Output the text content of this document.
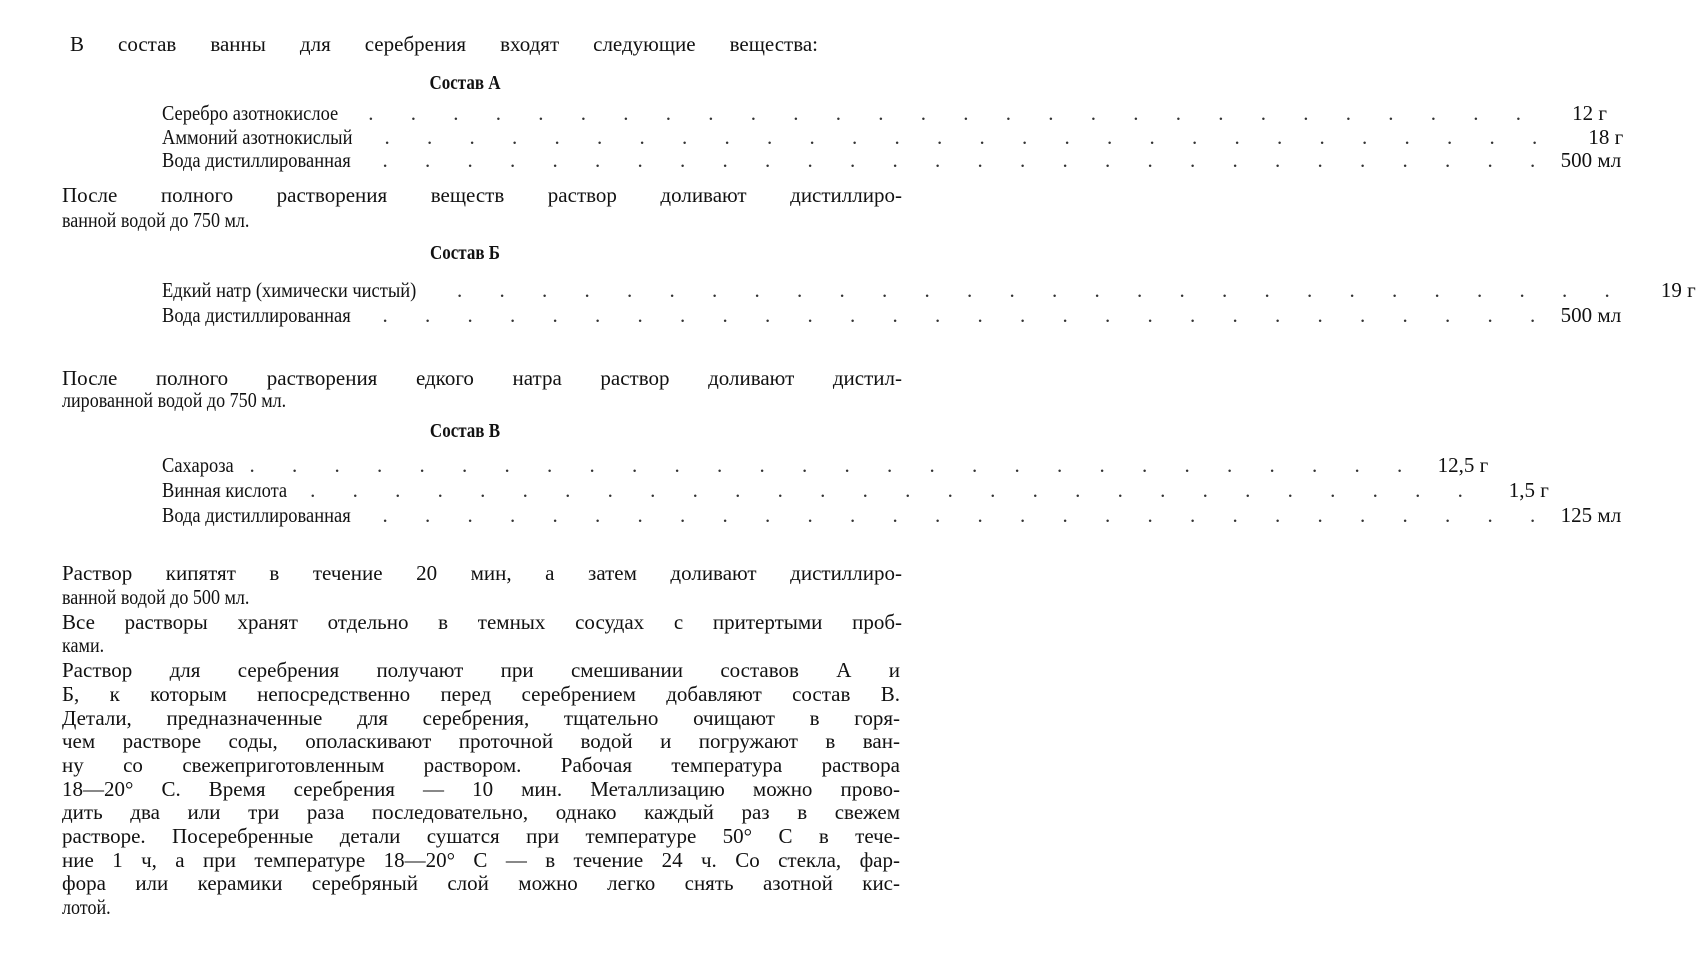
В состав ванны для серебрения входят следующие вещества:
Состав А
Серебро азотнокислое . . . . . . . . . . . . . . . . . . . . . . . . . . . .	12 г
Аммоний азотнокислый . . . . . . . . . . . . . . . . . . . . . . . . . . . .	18 г
Вода дистиллированная . . . . . . . . . . . . . . . . . . . . . . . . . . . . 500 мл
После полного растворения веществ раствор доливают дистиллиро-
ванной водой до 750 мл.
Состав Б
Едкий натр (химически чистый) . . . . . . . . . . . . . . . . . . . . . . . . . . . .	19 г
Вода дистиллированная . . . . . . . . . . . . . . . . . . . . . . . . . . . . 500 мл
После полного растворения едкого натра раствор доливают дистил-
лированной водой до 750 мл.
Состав В
Сахароза . . . . . . . . . . . . . . . . . . . . . . . . . . . . 12,5 г
Винная кислота . . . . . . . . . . . . . . . . . . . . . . . . . . . .	1,5 г
Вода дистиллированная . . . . . . . . . . . . . . . . . . . . . . . . . . . . 125 мл
Раствор кипятят в течение 20 мин, а затем доливают дистиллиро-
ванной водой до 500 мл.
Все растворы хранят отдельно в темных сосудах с притертыми проб-
ками.
Раствор для серебрения получают при смешивании составов А и
Б, к которым непосредственно перед серебрением добавляют состав В.
Детали, предназначенные для серебрения, тщательно очищают в горя-
чем растворе соды, ополаскивают проточной водой и погружают в ван-
ну со свежеприготовленным раствором. Рабочая температура раствора
18—20° С. Время серебрения — 10 мин. Металлизацию можно прово-
дить два или три раза последовательно, однако каждый раз в свежем
растворе. Посеребренные детали сушатся при температуре 50° С в тече-
ние 1 ч, а при температуре 18—20° С — в течение 24 ч. Со стекла, фар-
фора или керамики серебряный слой можно легко снять азотной кис-
лотой.
